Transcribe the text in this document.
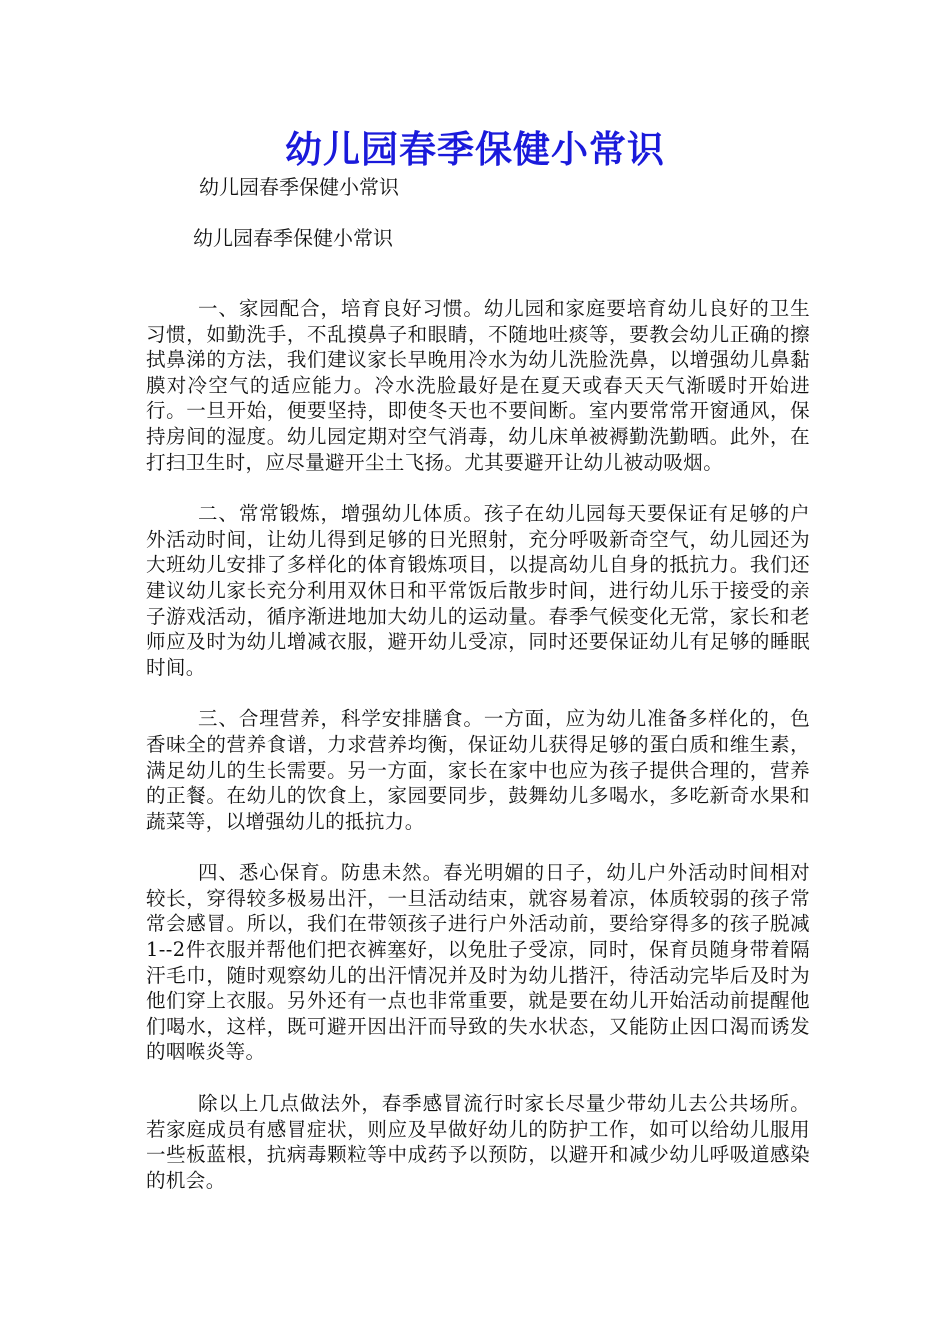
幼儿园春季保健小常识
幼儿园春季保健小常识
幼儿园春季保健小常识

一、家园配合，培育良好习惯。幼儿园和家庭要培育幼儿良好的卫生习惯，如勤洗手，不乱摸鼻子和眼睛，不随地吐痰等，要教会幼儿正确的擦拭鼻涕的方法，我们建议家长早晚用冷水为幼儿洗脸洗鼻，以增强幼儿鼻黏膜对冷空气的适应能力。冷水洗脸最好是在夏天或春天天气渐暖时开始进行。一旦开始，便要坚持，即使冬天也不要间断。室内要常常开窗通风，保持房间的湿度。幼儿园定期对空气消毒，幼儿床单被褥勤洗勤晒。此外，在打扫卫生时，应尽量避开尘土飞扬。尤其要避开让幼儿被动吸烟。

二、常常锻炼，增强幼儿体质。孩子在幼儿园每天要保证有足够的户外活动时间，让幼儿得到足够的日光照射，充分呼吸新奇空气，幼儿园还为大班幼儿安排了多样化的体育锻炼项目，以提高幼儿自身的抵抗力。我们还建议幼儿家长充分利用双休日和平常饭后散步时间，进行幼儿乐于接受的亲子游戏活动，循序渐进地加大幼儿的运动量。春季气候变化无常，家长和老师应及时为幼儿增减衣服，避开幼儿受凉，同时还要保证幼儿有足够的睡眠时间。

三、合理营养，科学安排膳食。一方面，应为幼儿准备多样化的，色香味全的营养食谱，力求营养均衡，保证幼儿获得足够的蛋白质和维生素，满足幼儿的生长需要。另一方面，家长在家中也应为孩子提供合理的，营养的正餐。在幼儿的饮食上，家园要同步，鼓舞幼儿多喝水，多吃新奇水果和蔬菜等，以增强幼儿的抵抗力。

四、悉心保育。防患未然。春光明媚的日子，幼儿户外活动时间相对较长，穿得较多极易出汗，一旦活动结束，就容易着凉，体质较弱的孩子常常会感冒。所以，我们在带领孩子进行户外活动前，要给穿得多的孩子脱减1--2件衣服并帮他们把衣裤塞好，以免肚子受凉，同时，保育员随身带着隔汗毛巾，随时观察幼儿的出汗情况并及时为幼儿揩汗，待活动完毕后及时为他们穿上衣服。另外还有一点也非常重要，就是要在幼儿开始活动前提醒他们喝水，这样，既可避开因出汗而导致的失水状态，又能防止因口渴而诱发的咽喉炎等。

除以上几点做法外，春季感冒流行时家长尽量少带幼儿去公共场所。若家庭成员有感冒症状，则应及早做好幼儿的防护工作，如可以给幼儿服用一些板蓝根，抗病毒颗粒等中成药予以预防，以避开和减少幼儿呼吸道感染的机会。
